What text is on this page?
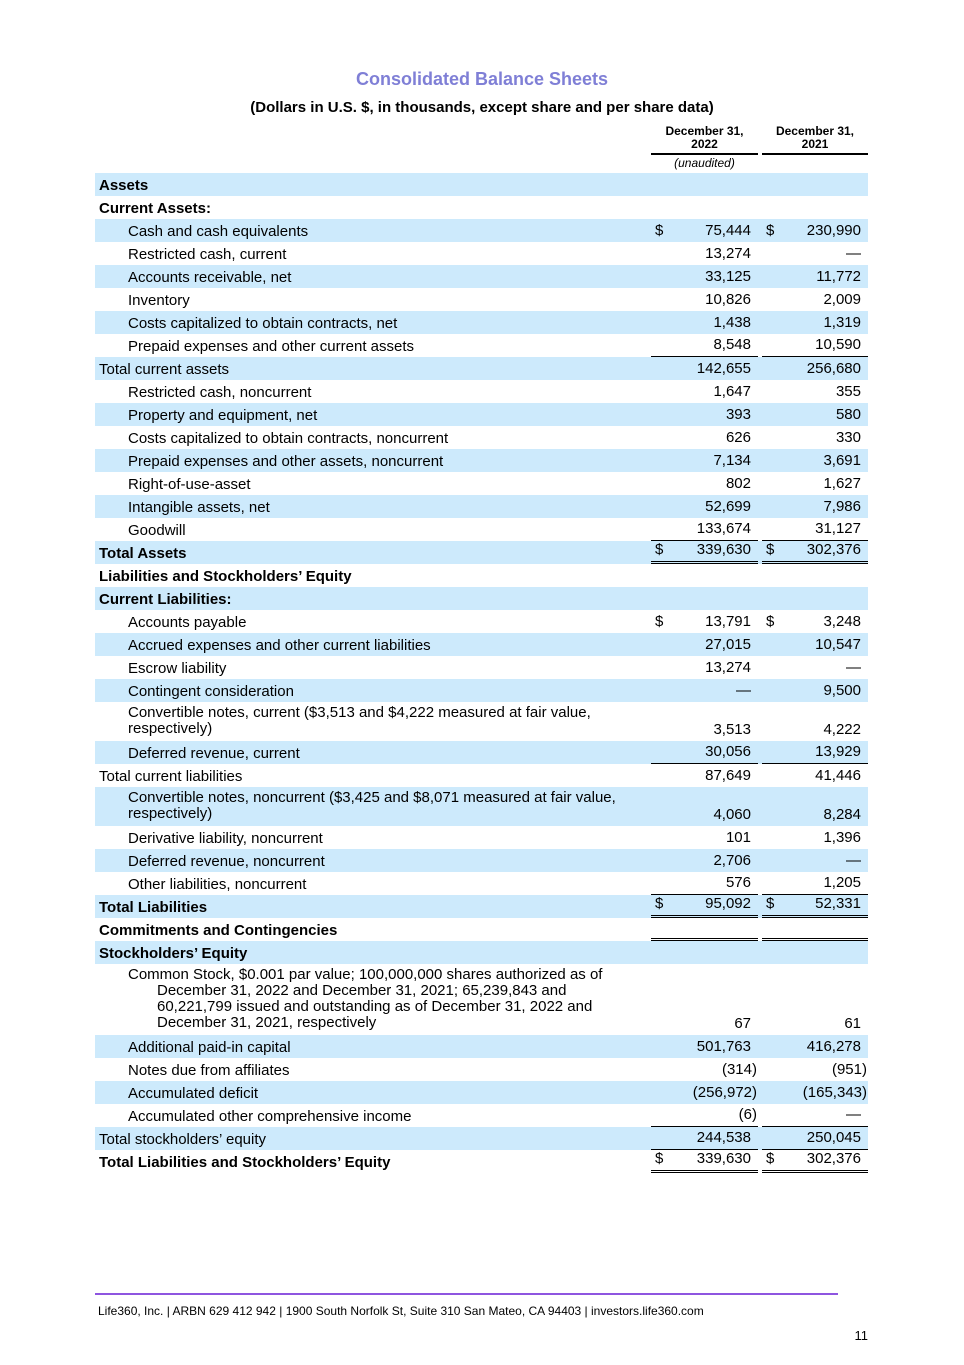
Consolidated Balance Sheets
(Dollars in U.S. $, in thousands, except share and per share data)
December 31, 2022
December 31, 2021
(unaudited)
Assets
Current Assets:
Cash and cash equivalents	$	75,444 $ 230,990
Restricted cash, current	13,274	—
Accounts receivable, net	33,125	11,772
Inventory	10,826	2,009
Costs capitalized to obtain contracts, net	1,438	1,319
Prepaid expenses and other current assets	8,548	10,590
Total current assets	142,655	256,680
Restricted cash, noncurrent	1,647	355
Property and equipment, net	393	580
Costs capitalized to obtain contracts, noncurrent	626	330
Prepaid expenses and other assets, noncurrent	7,134	3,691
Right-of-use-asset	802	1,627
Intangible assets, net	52,699	7,986
Goodwill	133,674	31,127
Total Assets	$ 339,630 $ 302,376
Liabilities and Stockholders’ Equity
Current Liabilities:
Accounts payable	$	13,791 $	3,248
Accrued expenses and other current liabilities	27,015	10,547
Escrow liability	13,274	—
Contingent consideration	—	9,500
Convertible notes, current ($3,513 and $4,222 measured at fair value, respectively)	3,513	4,222
Deferred revenue, current	30,056	13,929
Total current liabilities	87,649	41,446
Convertible notes, noncurrent ($3,425 and $8,071 measured at fair value, respectively)	4,060	8,284
Derivative liability, noncurrent	101	1,396
Deferred revenue, noncurrent	2,706	—
Other liabilities, noncurrent	576	1,205
Total Liabilities	$	95,092 $	52,331
Commitments and Contingencies
Stockholders’ Equity
Common Stock, $0.001 par value; 100,000,000 shares authorized as of December 31, 2022 and December 31, 2021; 65,239,843 and 60,221,799 issued and outstanding as of December 31, 2022 and December 31, 2021, respectively	67	61
Additional paid-in capital	501,763	416,278
Notes due from affiliates	(314)	(951)
Accumulated deficit	(256,972)	(165,343)
Accumulated other comprehensive income	(6)	—
Total stockholders’ equity	244,538	250,045
Total Liabilities and Stockholders’ Equity	$ 339,630 $ 302,376
Life360, Inc. | ARBN 629 412 942 | 1900 South Norfolk St, Suite 310 San Mateo, CA 94403 | investors.life360.com
11
